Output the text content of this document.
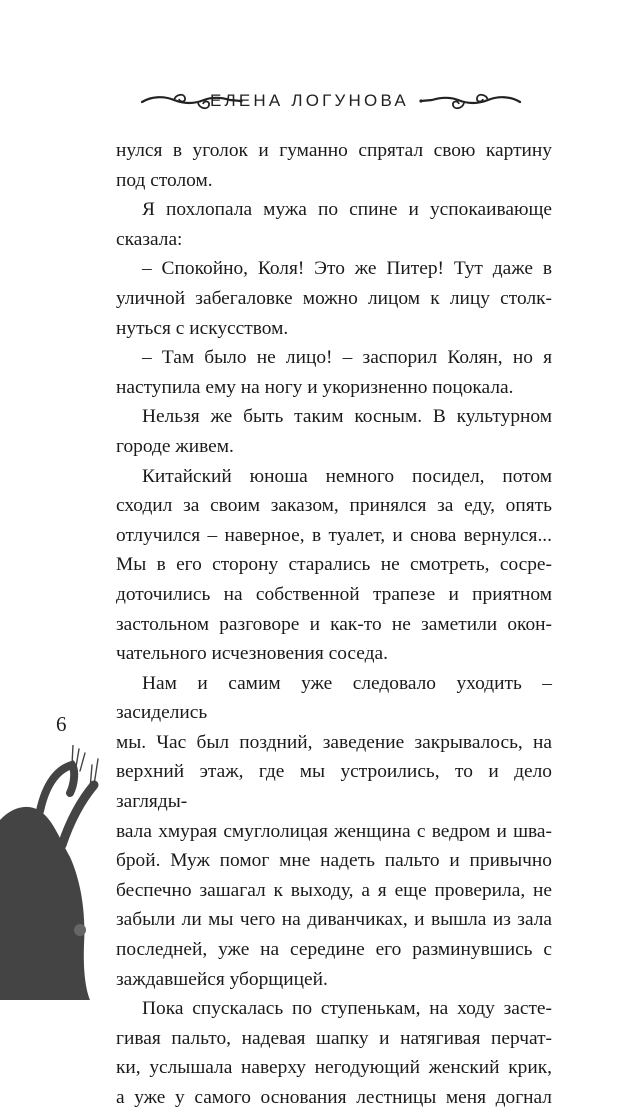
ЕЛЕНА ЛОГУНОВА

нулся в уголок и гуманно спрятал свою картину

под столом.

Я похлопала мужа по спине и успокаивающе

сказала:

– Спокойно, Коля! Это же Питер! Тут даже в

уличной забегаловке можно лицом к лицу столк-

нуться с искусством.

– Там было не лицо! – заспорил Колян, но я

наступила ему на ногу и укоризненно поцокала.

Нельзя же быть таким косным. В культурном

городе живем.

Китайский юноша немного посидел, потом

сходил за своим заказом, принялся за еду, опять

отлучился – наверное, в туалет, и снова вернулся...

Мы в его сторону старались не смотреть, сосре-

доточились на собственной трапезе и приятном

застольном разговоре и как-то не заметили окон-

чательного исчезновения соседа.

Нам и самим уже следовало уходить – засиделись

мы. Час был поздний, заведение закрывалось, на

верхний этаж, где мы устроились, то и дело загляды-

вала хмурая смуглолицая женщина с ведром и шва-

брой. Муж помог мне надеть пальто и привычно

беспечно зашагал к выходу, а я еще проверила, не

забыли ли мы чего на диванчиках, и вышла из зала

последней, уже на середине его разминувшись с

заждавшейся уборщицей.

Пока спускалась по ступенькам, на ходу засте-

гивая пальто, надевая шапку и натягивая перчат-

ки, услышала наверху негодующий женский крик,

а уже у самого основания лестницы меня догнал

6
